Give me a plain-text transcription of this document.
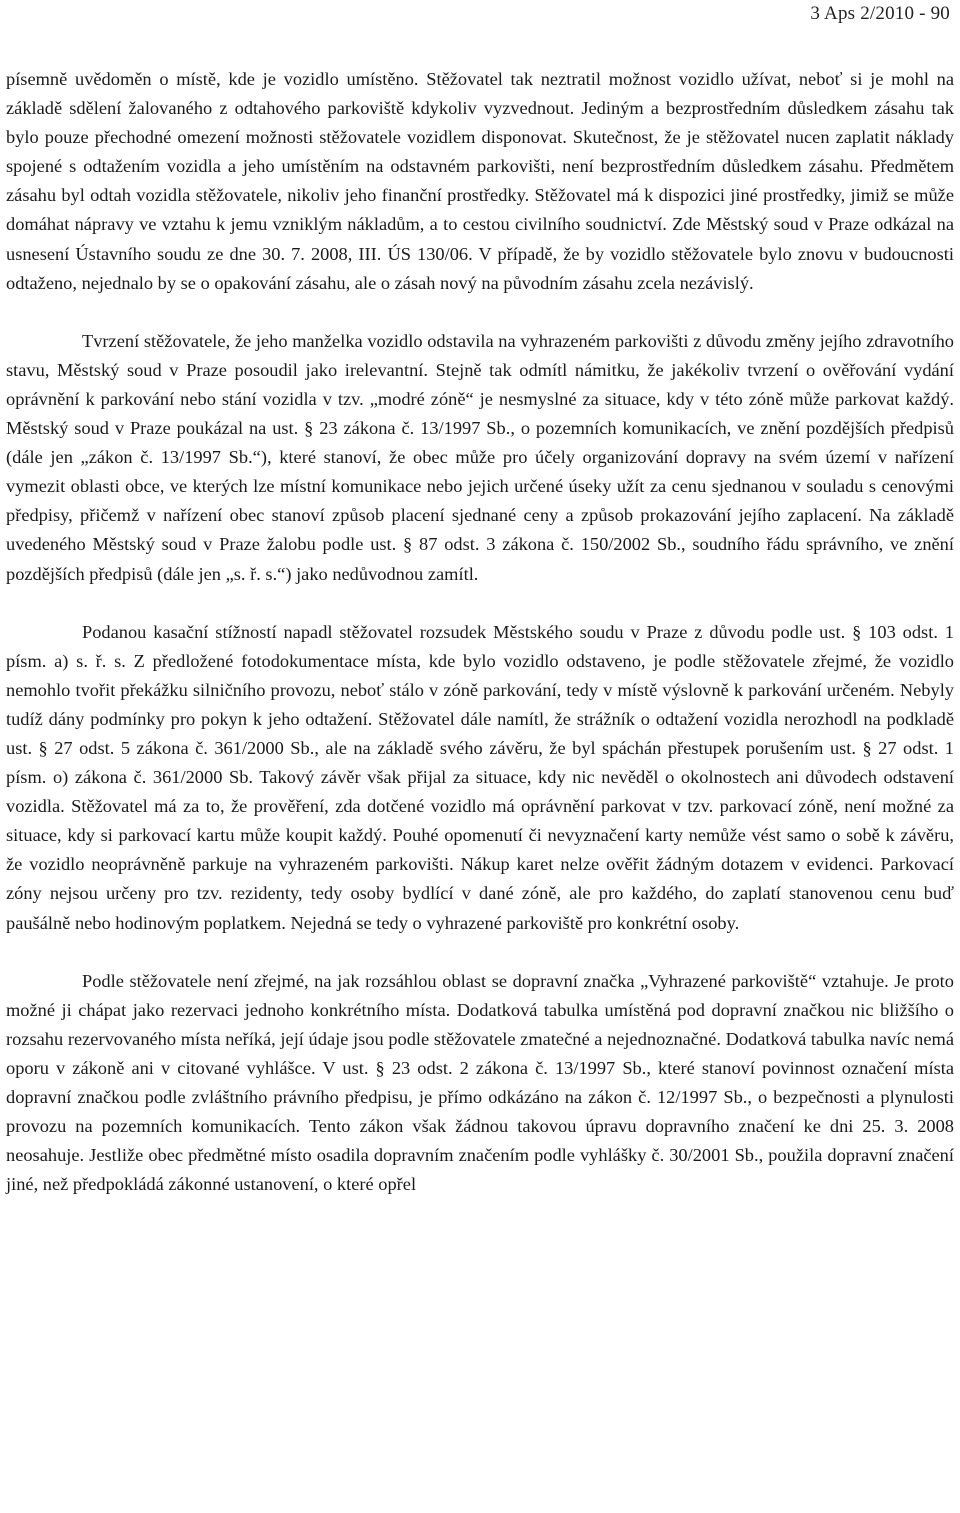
3 Aps 2/2010 - 90

písemně uvědoměn o místě, kde je vozidlo umístěno. Stěžovatel tak neztratil možnost vozidlo užívat, neboť si je mohl na základě sdělení žalovaného z odtahového parkoviště kdykoliv vyzvednout. Jediným a bezprostředním důsledkem zásahu tak bylo pouze přechodné omezení možnosti stěžovatele vozidlem disponovat. Skutečnost, že je stěžovatel nucen zaplatit náklady spojené s odtažením vozidla a jeho umístěním na odstavném parkovišti, není bezprostředním důsledkem zásahu. Předmětem zásahu byl odtah vozidla stěžovatele, nikoliv jeho finanční prostředky. Stěžovatel má k dispozici jiné prostředky, jimiž se může domáhat nápravy ve vztahu k jemu vzniklým nákladům, a to cestou civilního soudnictví. Zde Městský soud v Praze odkázal na usnesení Ústavního soudu ze dne 30. 7. 2008, III. ÚS 130/06. V případě, že by vozidlo stěžovatele bylo znovu v budoucnosti odtaženo, nejednalo by se o opakování zásahu, ale o zásah nový na původním zásahu zcela nezávislý.

Tvrzení stěžovatele, že jeho manželka vozidlo odstavila na vyhrazeném parkovišti z důvodu změny jejího zdravotního stavu, Městský soud v Praze posoudil jako irelevantní. Stejně tak odmítl námitku, že jakékoliv tvrzení o ověřování vydání oprávnění k parkování nebo stání vozidla v tzv. „modré zóně“ je nesmyslné za situace, kdy v této zóně může parkovat každý. Městský soud v Praze poukázal na ust. § 23 zákona č. 13/1997 Sb., o pozemních komunikacích, ve znění pozdějších předpisů (dále jen „zákon č. 13/1997 Sb.“), které stanoví, že obec může pro účely organizování dopravy na svém území v nařízení vymezit oblasti obce, ve kterých lze místní komunikace nebo jejich určené úseky užít za cenu sjednanou v souladu s cenovými předpisy, přičemž v nařízení obec stanoví způsob placení sjednané ceny a způsob prokazování jejího zaplacení. Na základě uvedeného Městský soud v Praze žalobu podle ust. § 87 odst. 3 zákona č. 150/2002 Sb., soudního řádu správního, ve znění pozdějších předpisů (dále jen „s. ř. s.“) jako nedůvodnou zamítl.

Podanou kasační stížností napadl stěžovatel rozsudek Městského soudu v Praze z důvodu podle ust. § 103 odst. 1 písm. a) s. ř. s. Z předložené fotodokumentace místa, kde bylo vozidlo odstaveno, je podle stěžovatele zřejmé, že vozidlo nemohlo tvořit překážku silničního provozu, neboť stálo v zóně parkování, tedy v místě výslovně k parkování určeném. Nebyly tudíž dány podmínky pro pokyn k jeho odtažení. Stěžovatel dále namítl, že strážník o odtažení vozidla nerozhodl na podkladě ust. § 27 odst. 5 zákona č. 361/2000 Sb., ale na základě svého závěru, že byl spáchán přestupek porušením ust. § 27 odst. 1 písm. o) zákona č. 361/2000 Sb. Takový závěr však přijal za situace, kdy nic nevěděl o okolnostech ani důvodech odstavení vozidla. Stěžovatel má za to, že prověření, zda dotčené vozidlo má oprávnění parkovat v tzv. parkovací zóně, není možné za situace, kdy si parkovací kartu může koupit každý. Pouhé opomenutí či nevyznačení karty nemůže vést samo o sobě k závěru, že vozidlo neoprávněně parkuje na vyhrazeném parkovišti. Nákup karet nelze ověřit žádným dotazem v evidenci. Parkovací zóny nejsou určeny pro tzv. rezidenty, tedy osoby bydlící v dané zóně, ale pro každého, do zaplatí stanovenou cenu buď paušálně nebo hodinovým poplatkem. Nejedná se tedy o vyhrazené parkoviště pro konkrétní osoby.

Podle stěžovatele není zřejmé, na jak rozsáhlou oblast se dopravní značka „Vyhrazené parkoviště“ vztahuje. Je proto možné ji chápat jako rezervaci jednoho konkrétního místa. Dodatková tabulka umístěná pod dopravní značkou nic bližšího o rozsahu rezervovaného místa neříká, její údaje jsou podle stěžovatele zmatečné a nejednoznačné. Dodatková tabulka navíc nemá oporu v zákoně ani v citované vyhlášce. V ust. § 23 odst. 2 zákona č. 13/1997 Sb., které stanoví povinnost označení místa dopravní značkou podle zvláštního právního předpisu, je přímo odkázáno na zákon č. 12/1997 Sb., o bezpečnosti a plynulosti provozu na pozemních komunikacích. Tento zákon však žádnou takovou úpravu dopravního značení ke dni 25. 3. 2008 neosahuje. Jestliže obec předmětné místo osadila dopravním značením podle vyhlášky č. 30/2001 Sb., použila dopravní značení jiné, než předpokládá zákonné ustanovení, o které opřel
